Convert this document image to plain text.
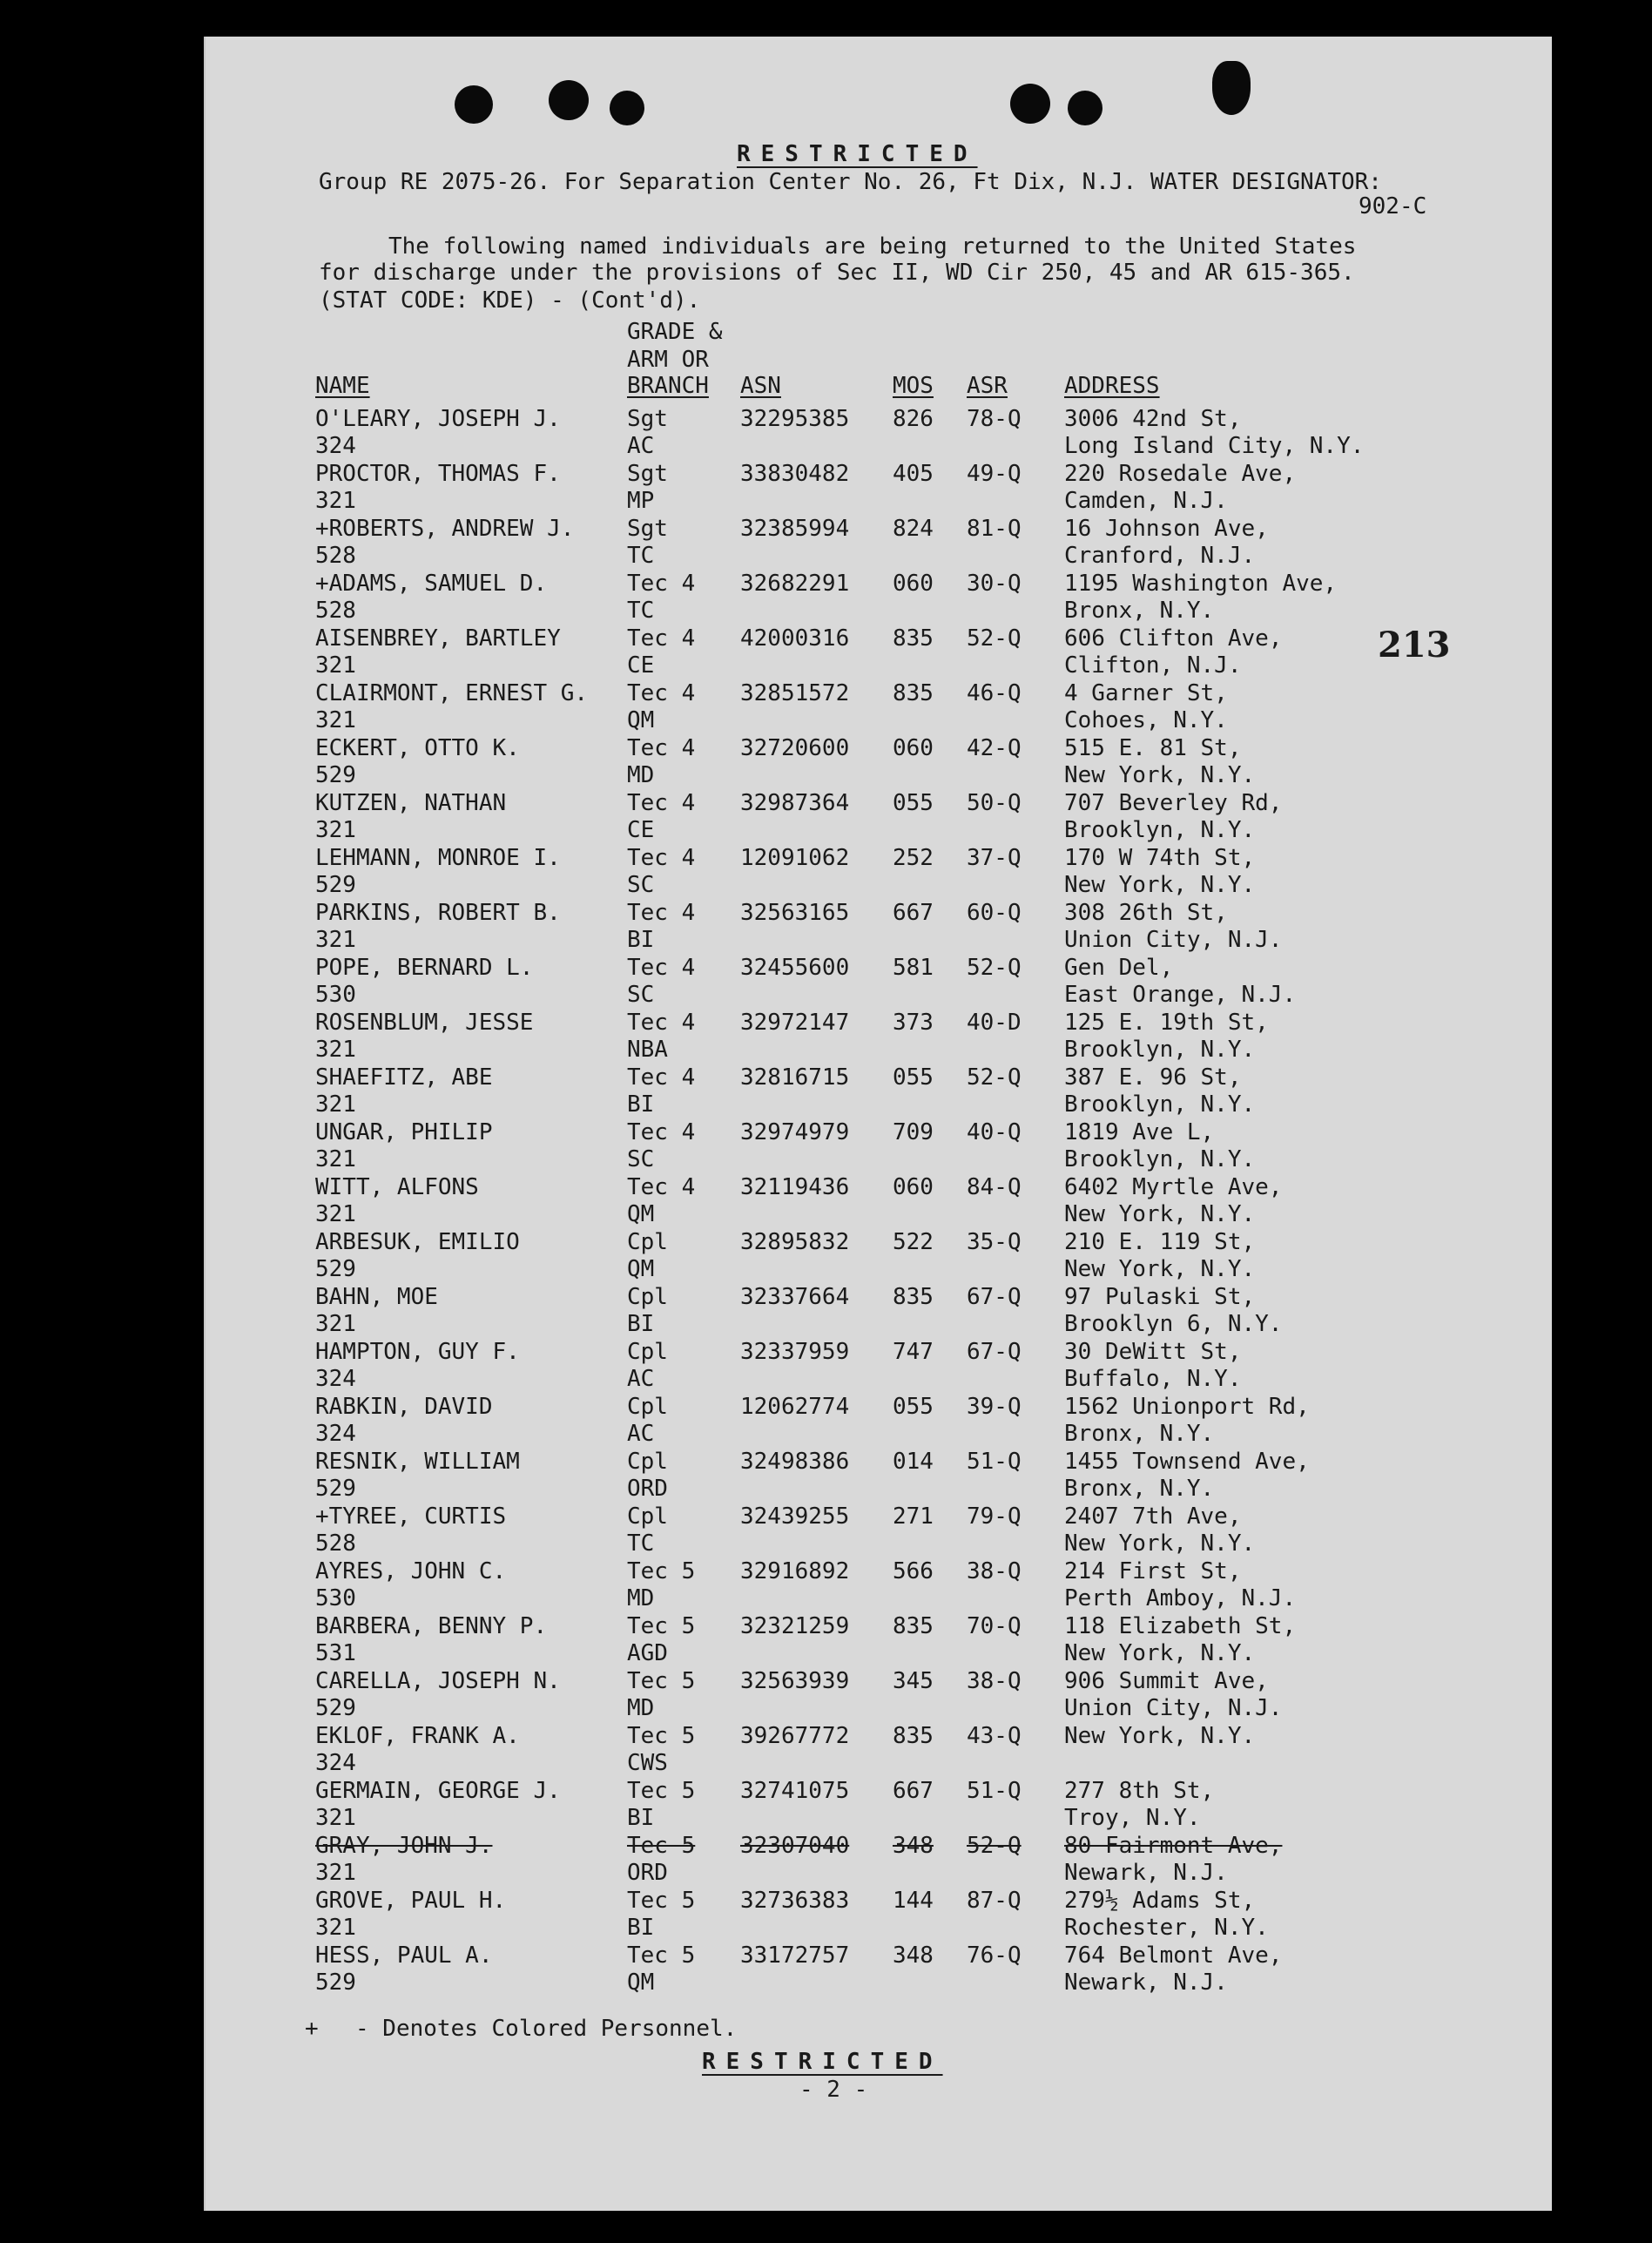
RESTRICTED
Group RE 2075-26. For Separation Center No. 26, Ft Dix, N.J. WATER DESIGNATOR:
902-C
The following named individuals are being returned to the United States
for discharge under the provisions of Sec II, WD Cir 250, 45 and AR 615-365.
(STAT CODE: KDE) - (Cont'd).
GRADE &
ARM OR
NAME	BRANCH ASN	MOS ASR	ADDRESS
213
O'LEARY, JOSEPH J.	Sgt	32295385 826 78-Q 3006 42nd St,
324	AC	Long Island City, N.Y.
PROCTOR, THOMAS F.	Sgt	33830482 405 49-Q 220 Rosedale Ave,
321	MP	Camden, N.J.
+ROBERTS, ANDREW J. Sgt	32385994 824 81-Q 16 Johnson Ave,
528	TC	Cranford, N.J.
+ADAMS, SAMUEL D.	Tec 4 32682291 060 30-Q 1195 Washington Ave,
528	TC	Bronx, N.Y.
AISENBREY, BARTLEY	Tec 4 42000316 835 52-Q 606 Clifton Ave,
321	CE	Clifton, N.J.
CLAIRMONT, ERNEST G. Tec 4 32851572 835 46-Q 4 Garner St,
321	QM	Cohoes, N.Y.
ECKERT, OTTO K.	Tec 4 32720600 060 42-Q 515 E. 81 St,
529	MD	New York, N.Y.
KUTZEN, NATHAN	Tec 4 32987364 055 50-Q 707 Beverley Rd,
321	CE	Brooklyn, N.Y.
LEHMANN, MONROE I.	Tec 4 12091062 252 37-Q 170 W 74th St,
529	SC	New York, N.Y.
PARKINS, ROBERT B.	Tec 4 32563165 667 60-Q 308 26th St,
321	BI	Union City, N.J.
POPE, BERNARD L.	Tec 4 32455600 581 52-Q Gen Del,
530	SC	East Orange, N.J.
ROSENBLUM, JESSE	Tec 4 32972147 373 40-D 125 E. 19th St,
321	NBA	Brooklyn, N.Y.
SHAEFITZ, ABE	Tec 4 32816715 055 52-Q 387 E. 96 St,
321	BI	Brooklyn, N.Y.
UNGAR, PHILIP	Tec 4 32974979 709 40-Q 1819 Ave L,
321	SC	Brooklyn, N.Y.
WITT, ALFONS	Tec 4 32119436 060 84-Q 6402 Myrtle Ave,
321	QM	New York, N.Y.
ARBESUK, EMILIO	Cpl	32895832 522 35-Q 210 E. 119 St,
529	QM	New York, N.Y.
BAHN, MOE	Cpl	32337664 835 67-Q 97 Pulaski St,
321	BI	Brooklyn 6, N.Y.
HAMPTON, GUY F.	Cpl	32337959 747 67-Q 30 DeWitt St,
324	AC	Buffalo, N.Y.
RABKIN, DAVID	Cpl	12062774 055 39-Q 1562 Unionport Rd,
324	AC	Bronx, N.Y.
RESNIK, WILLIAM	Cpl	32498386 014 51-Q 1455 Townsend Ave,
529	ORD	Bronx, N.Y.
+TYREE, CURTIS	Cpl	32439255 271 79-Q 2407 7th Ave,
528	TC	New York, N.Y.
AYRES, JOHN C.	Tec 5 32916892 566 38-Q 214 First St,
530	MD	Perth Amboy, N.J.
BARBERA, BENNY P.	Tec 5 32321259 835 70-Q 118 Elizabeth St,
531	AGD	New York, N.Y.
CARELLA, JOSEPH N.	Tec 5 32563939 345 38-Q 906 Summit Ave,
529	MD	Union City, N.J.
EKLOF, FRANK A.	Tec 5 39267772 835 43-Q New York, N.Y.
324	CWS
GERMAIN, GEORGE J.	Tec 5 32741075 667 51-Q 277 8th St,
321	BI	Troy, N.Y.
GRAY, JOHN J.	Tec 5 32307040 348 52-Q 80 Fairmont Ave,
321	ORD	Newark, N.J.
GROVE, PAUL H.	Tec 5 32736383 144 87-Q 279½ Adams St,
321	BI	Rochester, N.Y.
HESS, PAUL A.	Tec 5 33172757 348 76-Q 764 Belmont Ave,
529	QM	Newark, N.J.
+ - Denotes Colored Personnel.
RESTRICTED
- 2 -
